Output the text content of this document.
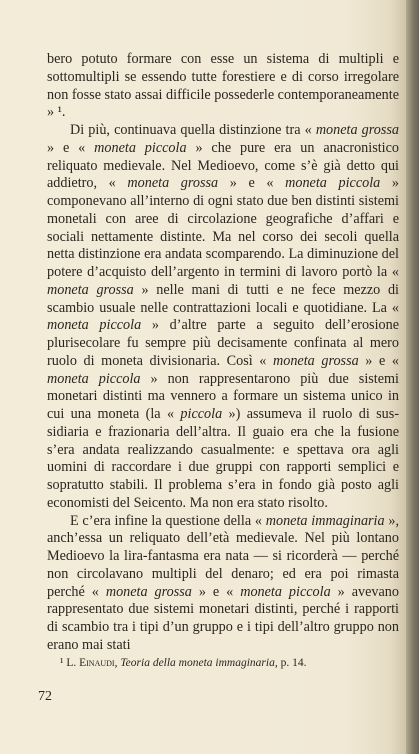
bero potuto formare con esse un sistema di multipli e sottomultipli se essendo tutte forestiere e di corso irregolare non fosse stato assai difficile possederle contemporaneamente » ¹.

Di più, continuava quella distinzione tra « moneta grossa » e « moneta piccola » che pure era un anacronistico reliquato medievale. Nel Medioevo, come s’è già detto qui addietro, « moneta grossa » e « moneta piccola » componevano all’interno di ogni stato due ben distinti sistemi monetali con aree di circolazione geografiche d’affari e sociali nettamente distinte. Ma nel corso dei secoli quella netta distinzione era andata scomparendo. La diminuzione del potere d’acquisto dell’argento in termini di lavoro portò la « moneta grossa » nelle mani di tutti e ne fece mezzo di scambio usuale nelle contrattazioni locali e quotidiane. La « moneta piccola » d’altre parte a seguito dell’erosione plurisecolare fu sempre più decisamente confinata al mero ruolo di moneta divisionaria. Così « moneta grossa » e « moneta piccola » non rappresentarono più due sistemi monetari distinti ma vennero a formare un sistema unico in cui una moneta (la « piccola ») assumeva il ruolo di sussidiaria e frazionaria dell’altra. Il guaio era che la fusione s’era andata realizzando casualmente: e spettava ora agli uomini di raccordare i due gruppi con rapporti semplici e sopratutto stabili. Il problema s’era in fondo già posto agli economisti del Seicento. Ma non era stato risolto.

E c’era infine la questione della « moneta immaginaria », anch’essa un reliquato dell’età medievale. Nel più lontano Medioevo la lira-fantasma era nata — si ricorderà — perché non circolavano multipli del denaro; ed era poi rimasta perché « moneta grossa » e « moneta piccola » avevano rappresentato due sistemi monetari distinti, perché i rapporti di scambio tra i tipi d’un gruppo e i tipi dell’altro gruppo non erano mai stati

¹ L. Einaudi, Teoria della moneta immaginaria, p. 14.
72
